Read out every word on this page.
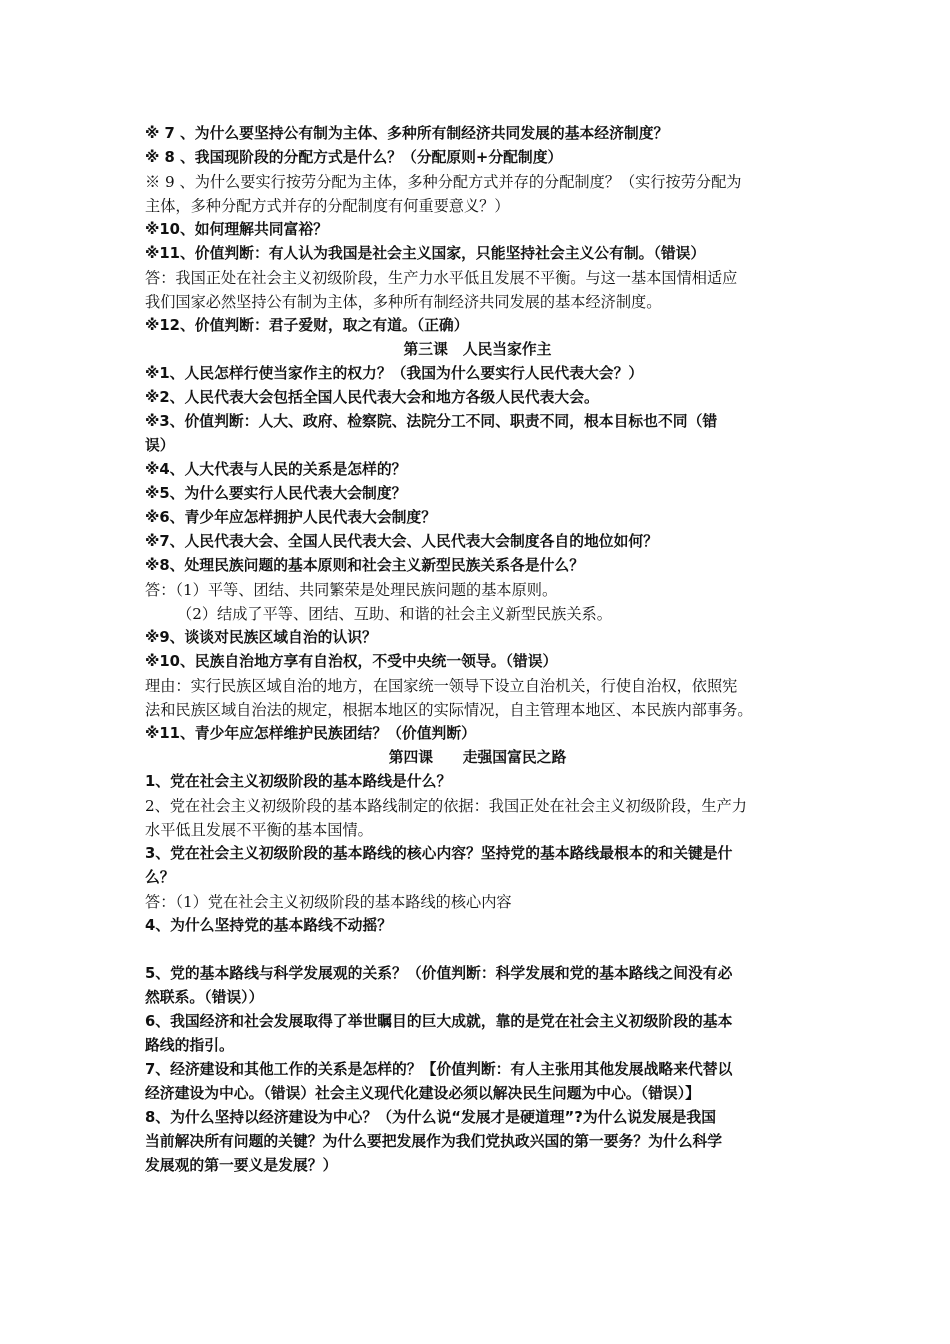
※ 7 、为什么要坚持公有制为主体、多种所有制经济共同发展的基本经济制度？
※ 8 、我国现阶段的分配方式是什么？（分配原则+分配制度）
※ 9 、为什么要实行按劳分配为主体，多种分配方式并存的分配制度？（实行按劳分配为
主体，多种分配方式并存的分配制度有何重要意义？）
※10、如何理解共同富裕？
※11、价值判断：有人认为我国是社会主义国家，只能坚持社会主义公有制。（错误）
答：我国正处在社会主义初级阶段，生产力水平低且发展不平衡。与这一基本国情相适应
我们国家必然坚持公有制为主体，多种所有制经济共同发展的基本经济制度。
※12、价值判断：君子爱财，取之有道。（正确）
第三课　人民当家作主
※1、人民怎样行使当家作主的权力？（我国为什么要实行人民代表大会？）
※2、人民代表大会包括全国人民代表大会和地方各级人民代表大会。
※3、价值判断：人大、政府、检察院、法院分工不同、职责不同，根本目标也不同（错
误）
※4、人大代表与人民的关系是怎样的？
※5、为什么要实行人民代表大会制度？
※6、青少年应怎样拥护人民代表大会制度？
※7、人民代表大会、全国人民代表大会、人民代表大会制度各自的地位如何？
※8、处理民族问题的基本原则和社会主义新型民族关系各是什么？
答：（1）平等、团结、共同繁荣是处理民族问题的基本原则。
（2）结成了平等、团结、互助、和谐的社会主义新型民族关系。
※9、谈谈对民族区域自治的认识？
※10、民族自治地方享有自治权，不受中央统一领导。（错误）
理由：实行民族区域自治的地方，在国家统一领导下设立自治机关，行使自治权，依照宪
法和民族区域自治法的规定，根据本地区的实际情况，自主管理本地区、本民族内部事务。
※11、青少年应怎样维护民族团结？（价值判断）
第四课　　走强国富民之路
1、党在社会主义初级阶段的基本路线是什么？
2、党在社会主义初级阶段的基本路线制定的依据：我国正处在社会主义初级阶段，生产力
水平低且发展不平衡的基本国情。
3、党在社会主义初级阶段的基本路线的核心内容？坚持党的基本路线最根本的和关键是什
么？
答：（1）党在社会主义初级阶段的基本路线的核心内容
4、为什么坚持党的基本路线不动摇？
5、党的基本路线与科学发展观的关系？（价值判断：科学发展和党的基本路线之间没有必
然联系。（错误））
6、我国经济和社会发展取得了举世瞩目的巨大成就，靠的是党在社会主义初级阶段的基本
路线的指引。
7、经济建设和其他工作的关系是怎样的？【价值判断：有人主张用其他发展战略来代替以
经济建设为中心。（错误）社会主义现代化建设必须以解决民生问题为中心。（错误）】
8、为什么坚持以经济建设为中心？（为什么说“发展才是硬道理”?为什么说发展是我国
当前解决所有问题的关键？为什么要把发展作为我们党执政兴国的第一要务？为什么科学
发展观的第一要义是发展？）
